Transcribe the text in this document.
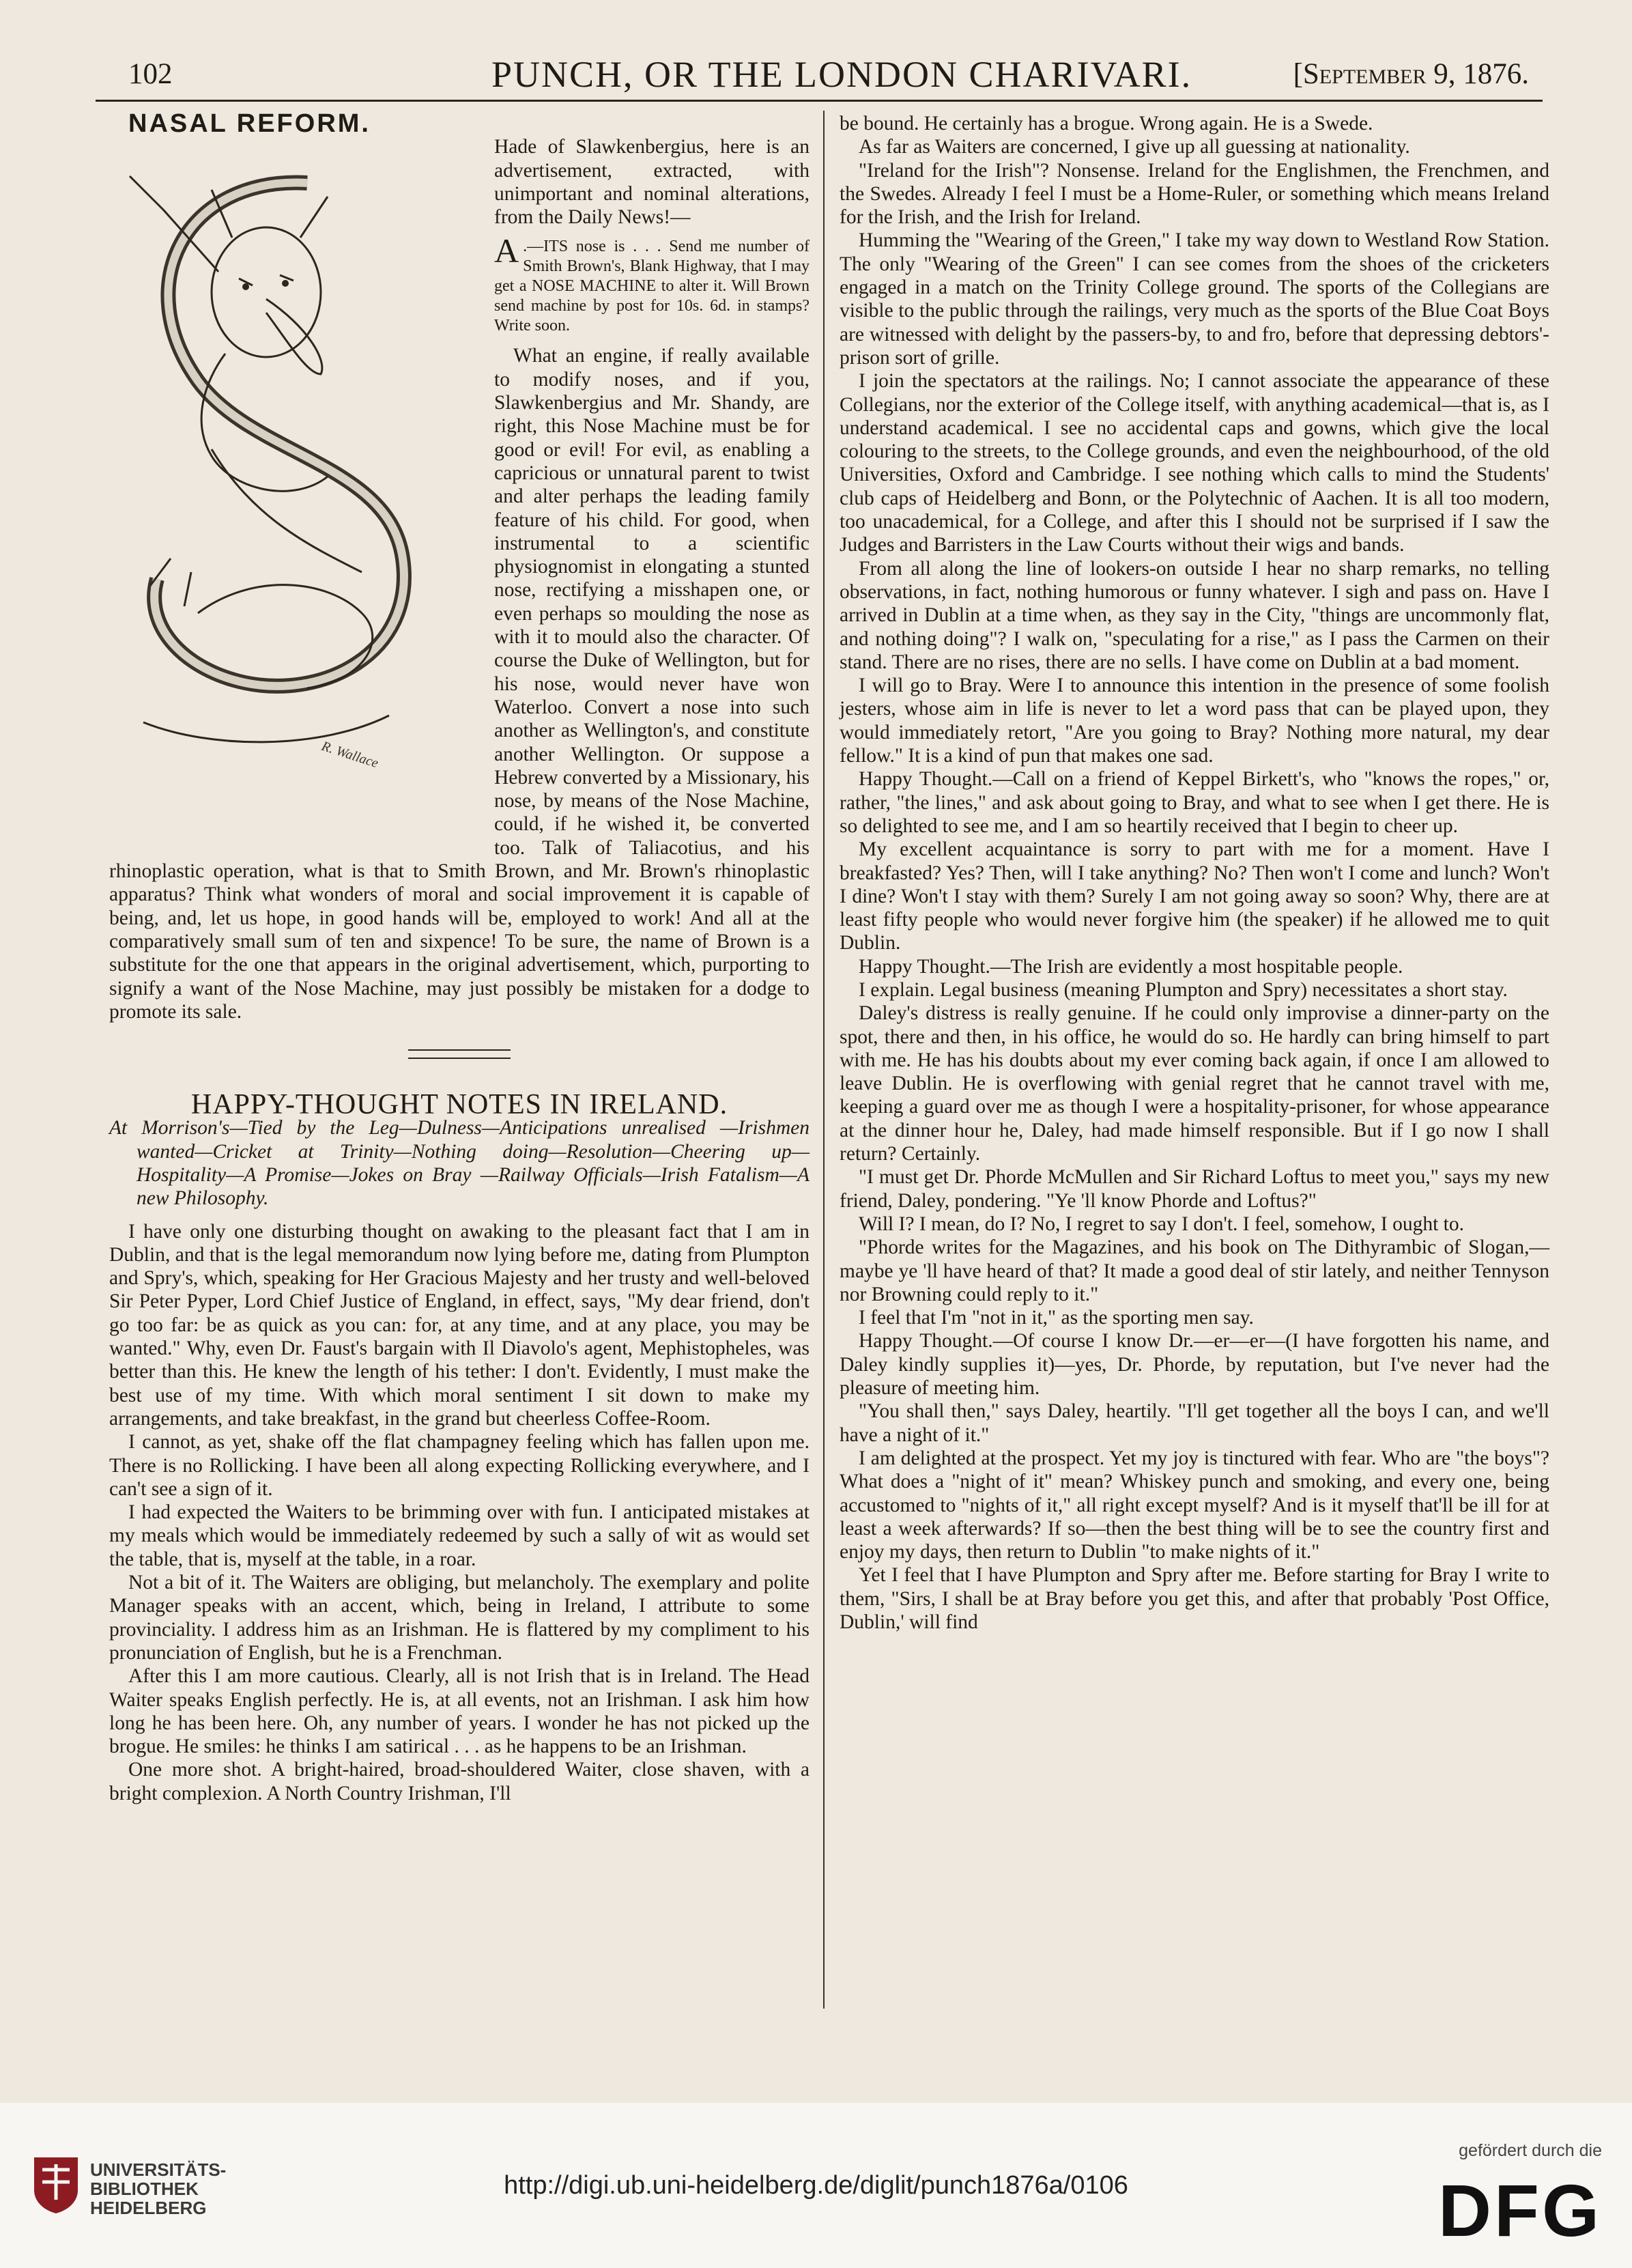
102	PUNCH, OR THE LONDON CHARIVARI.	[September 9, 1876.

NASAL REFORM.

R. Wallace

Hade of Slawkenbergius, here is an advertisement, extracted, with unimportant and nominal alterations, from the Daily News!—

A .—ITS nose is . . . Send me number of Smith Brown's, Blank Highway, that I may get a NOSE MACHINE to alter it. Will Brown send machine by post for 10s. 6d. in stamps? Write soon.

What an engine, if really available to modify noses, and if you, Slawkenbergius and Mr. Shandy, are right, this Nose Machine must be for good or evil! For evil, as enabling a capricious or unnatural parent to twist and alter perhaps the leading family feature of his child. For good, when instrumental to a scientific physiognomist in elongating a stunted nose, rectifying a misshapen one, or even perhaps so moulding the nose as with it to mould also the character. Of course the Duke of Wellington, but for his nose, would never have won Waterloo. Convert a nose into such another as Wellington's, and constitute another Wellington. Or suppose a Hebrew converted by a Missionary, his nose, by means of the Nose Machine, could, if he wished it, be converted too. Talk of Taliacotius, and his rhinoplastic operation, what is that to Smith Brown, and Mr. Brown's rhinoplastic apparatus? Think what wonders of moral and social improvement it is capable of being, and, let us hope, in good hands will be, employed to work! And all at the comparatively small sum of ten and sixpence! To be sure, the name of Brown is a substitute for the one that appears in the original advertisement, which, purporting to signify a want of the Nose Machine, may just possibly be mistaken for a dodge to promote its sale.

HAPPY-THOUGHT NOTES IN IRELAND.

At Morrison's—Tied by the Leg—Dulness—Anticipations unrealised —Irishmen wanted—Cricket at Trinity—Nothing doing—Resolution—Cheering up—Hospitality—A Promise—Jokes on Bray —Railway Officials—Irish Fatalism—A new Philosophy.

I have only one disturbing thought on awaking to the pleasant fact that I am in Dublin, and that is the legal memorandum now lying before me, dating from Plumpton and Spry's, which, speaking for Her Gracious Majesty and her trusty and well-beloved Sir Peter Pyper, Lord Chief Justice of England, in effect, says, "My dear friend, don't go too far: be as quick as you can: for, at any time, and at any place, you may be wanted." Why, even Dr. Faust's bargain with Il Diavolo's agent, Mephistopheles, was better than this. He knew the length of his tether: I don't. Evidently, I must make the best use of my time. With which moral sentiment I sit down to make my arrangements, and take breakfast, in the grand but cheerless Coffee-Room.

I cannot, as yet, shake off the flat champagney feeling which has fallen upon me. There is no Rollicking. I have been all along expecting Rollicking everywhere, and I can't see a sign of it.

I had expected the Waiters to be brimming over with fun. I anticipated mistakes at my meals which would be immediately redeemed by such a sally of wit as would set the table, that is, myself at the table, in a roar.

Not a bit of it. The Waiters are obliging, but melancholy. The exemplary and polite Manager speaks with an accent, which, being in Ireland, I attribute to some provinciality. I address him as an Irishman. He is flattered by my compliment to his pronunciation of English, but he is a Frenchman.

After this I am more cautious. Clearly, all is not Irish that is in Ireland. The Head Waiter speaks English perfectly. He is, at all events, not an Irishman. I ask him how long he has been here. Oh, any number of years. I wonder he has not picked up the brogue. He smiles: he thinks I am satirical . . . as he happens to be an Irishman.

One more shot. A bright-haired, broad-shouldered Waiter, close shaven, with a bright complexion. A North Country Irishman, I'll

be bound. He certainly has a brogue. Wrong again. He is a Swede.

As far as Waiters are concerned, I give up all guessing at nationality.

"Ireland for the Irish"? Nonsense. Ireland for the Englishmen, the Frenchmen, and the Swedes. Already I feel I must be a Home-Ruler, or something which means Ireland for the Irish, and the Irish for Ireland.

Humming the "Wearing of the Green," I take my way down to Westland Row Station. The only "Wearing of the Green" I can see comes from the shoes of the cricketers engaged in a match on the Trinity College ground. The sports of the Collegians are visible to the public through the railings, very much as the sports of the Blue Coat Boys are witnessed with delight by the passers-by, to and fro, before that depressing debtors'-prison sort of grille.

I join the spectators at the railings. No; I cannot associate the appearance of these Collegians, nor the exterior of the College itself, with anything academical—that is, as I understand academical. I see no accidental caps and gowns, which give the local colouring to the streets, to the College grounds, and even the neighbourhood, of the old Universities, Oxford and Cambridge. I see nothing which calls to mind the Students' club caps of Heidelberg and Bonn, or the Polytechnic of Aachen. It is all too modern, too unacademical, for a College, and after this I should not be surprised if I saw the Judges and Barristers in the Law Courts without their wigs and bands.

From all along the line of lookers-on outside I hear no sharp remarks, no telling observations, in fact, nothing humorous or funny whatever. I sigh and pass on. Have I arrived in Dublin at a time when, as they say in the City, "things are uncommonly flat, and nothing doing"? I walk on, "speculating for a rise," as I pass the Carmen on their stand. There are no rises, there are no sells. I have come on Dublin at a bad moment.

I will go to Bray. Were I to announce this intention in the presence of some foolish jesters, whose aim in life is never to let a word pass that can be played upon, they would immediately retort, "Are you going to Bray? Nothing more natural, my dear fellow." It is a kind of pun that makes one sad.

Happy Thought.—Call on a friend of Keppel Birkett's, who "knows the ropes," or, rather, "the lines," and ask about going to Bray, and what to see when I get there. He is so delighted to see me, and I am so heartily received that I begin to cheer up.

My excellent acquaintance is sorry to part with me for a moment. Have I breakfasted? Yes? Then, will I take anything? No? Then won't I come and lunch? Won't I dine? Won't I stay with them? Surely I am not going away so soon? Why, there are at least fifty people who would never forgive him (the speaker) if he allowed me to quit Dublin.

Happy Thought.—The Irish are evidently a most hospitable people.

I explain. Legal business (meaning Plumpton and Spry) necessitates a short stay.

Daley's distress is really genuine. If he could only improvise a dinner-party on the spot, there and then, in his office, he would do so. He hardly can bring himself to part with me. He has his doubts about my ever coming back again, if once I am allowed to leave Dublin. He is overflowing with genial regret that he cannot travel with me, keeping a guard over me as though I were a hospitality-prisoner, for whose appearance at the dinner hour he, Daley, had made himself responsible. But if I go now I shall return? Certainly.

"I must get Dr. Phorde McMullen and Sir Richard Loftus to meet you," says my new friend, Daley, pondering. "Ye 'll know Phorde and Loftus?"

Will I? I mean, do I? No, I regret to say I don't. I feel, somehow, I ought to.

"Phorde writes for the Magazines, and his book on The Dithyrambic of Slogan,—maybe ye 'll have heard of that? It made a good deal of stir lately, and neither Tennyson nor Browning could reply to it."

I feel that I'm "not in it," as the sporting men say.

Happy Thought.—Of course I know Dr.—er—er—(I have forgotten his name, and Daley kindly supplies it)—yes, Dr. Phorde, by reputation, but I've never had the pleasure of meeting him.

"You shall then," says Daley, heartily. "I'll get together all the boys I can, and we'll have a night of it."

I am delighted at the prospect. Yet my joy is tinctured with fear. Who are "the boys"? What does a "night of it" mean? Whiskey punch and smoking, and every one, being accustomed to "nights of it," all right except myself? And is it myself that'll be ill for at least a week afterwards? If so—then the best thing will be to see the country first and enjoy my days, then return to Dublin "to make nights of it."

Yet I feel that I have Plumpton and Spry after me. Before starting for Bray I write to them, "Sirs, I shall be at Bray before you get this, and after that probably 'Post Office, Dublin,' will find

UNIVERSITÄTS-
BIBLIOTHEK
HEIDELBERG
http://digi.ub.uni-heidelberg.de/diglit/punch1876a/0106
gefördert durch die
DFG
